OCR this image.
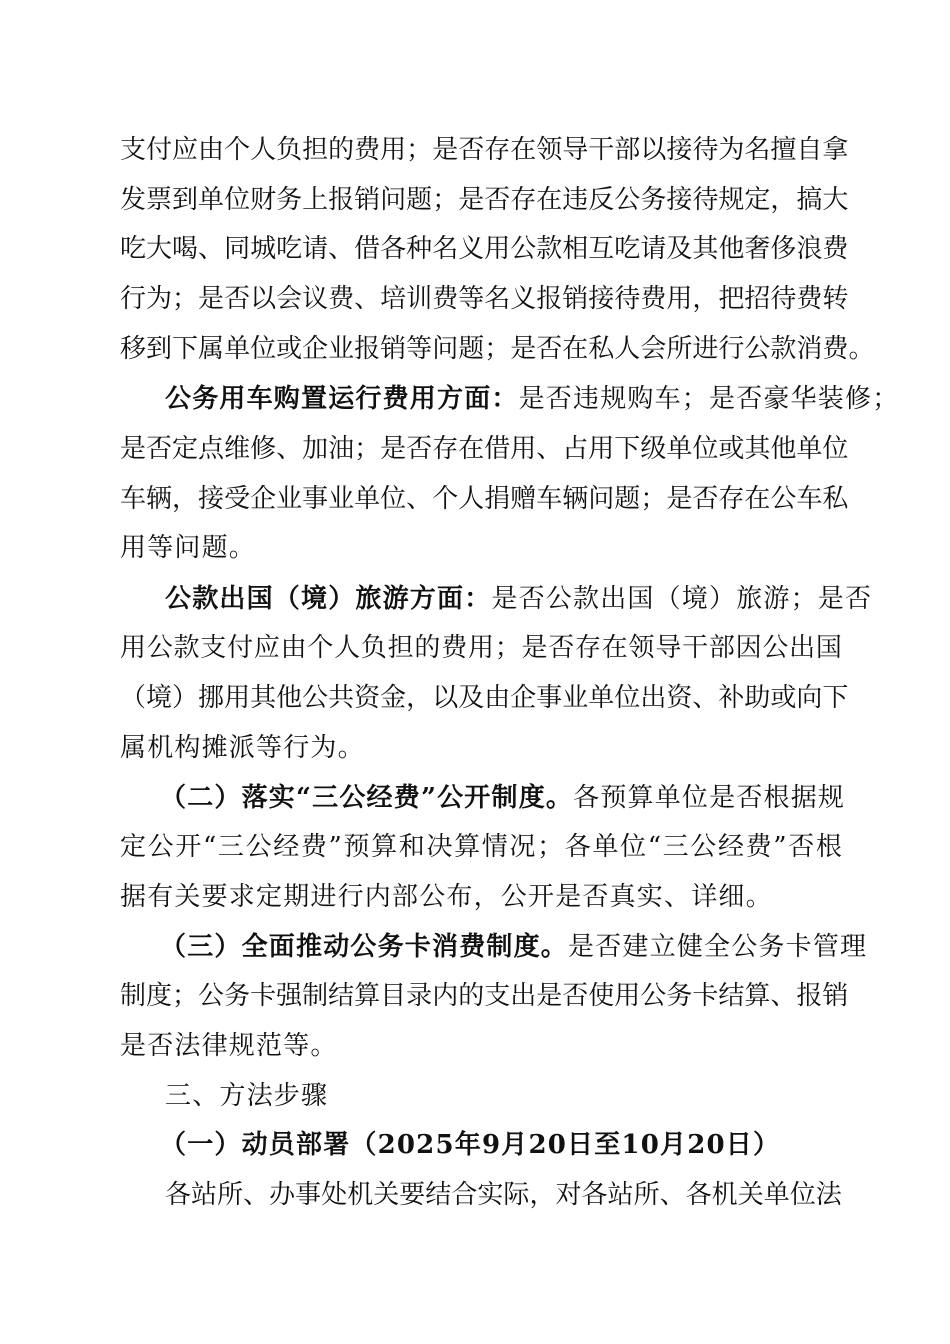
支 付 应 由 个 人 负 担 的 费 用 ； 是 否 存 在 领 导 干 部 以 接 待 为 名 擅 自 拿
发 票 到 单 位 财 务 上 报 销 问 题 ； 是 否 存 在 违 反 公 务 接 待 规 定 ， 搞 大
吃 大 喝 、 同 城 吃 请 、 借 各 种 名 义 用 公 款 相 互 吃 请 及 其 他 奢 侈 浪 费
行 为 ； 是 否 以 会 议 费 、 培 训 费 等 名 义 报 销 接 待 费 用 ， 把 招 待 费 转
移 到 下 属 单 位 或 企 业 报 销 等 问 题 ； 是 否 在 私 人 会 所 进 行 公 款 消 费 。
公务用车购置运行费用方面：是否违规购车；是否豪华装修；
是 否 定 点 维 修 、 加 油 ； 是 否 存 在 借 用 、 占 用 下 级 单 位 或 其 他 单 位
车 辆 ， 接 受 企 业 事 业 单 位 、 个 人 捐 赠 车 辆 问 题 ； 是 否 存 在 公 车 私
用等问题。
公款出国（境）旅游方面：是否公款出国（境）旅游；是否
用 公 款 支 付 应 由 个 人 负 担 的 费 用 ； 是 否 存 在 领 导 干 部 因 公 出 国
（ 境 ） 挪 用 其 他 公 共 资 金 ， 以 及 由 企 事 业 单 位 出 资 、 补 助 或 向 下
属机构摊派等行为。
（二）落实“三公经费”公开制度。各预算单位是否根据规
定 公 开 “ 三 公 经 费 ” 预 算 和 决 算 情 况 ； 各 单 位 “ 三 公 经 费 ” 否 根
据有关要求定期进行内部公布，公开是否真实、详细。
（三）全面推动公务卡消费制度。是否建立健全公务卡管理
制 度 ； 公 务 卡 强 制 结 算 目 录 内 的 支 出 是 否 使 用 公 务 卡 结 算 、 报 销
是否法律规范等。
三、方法步骤
（一）动员部署（2025年9月20日至10月20日）
各 站 所 、 办 事 处 机 关 要 结 合 实 际 ， 对 各 站 所 、 各 机 关 单 位 法
